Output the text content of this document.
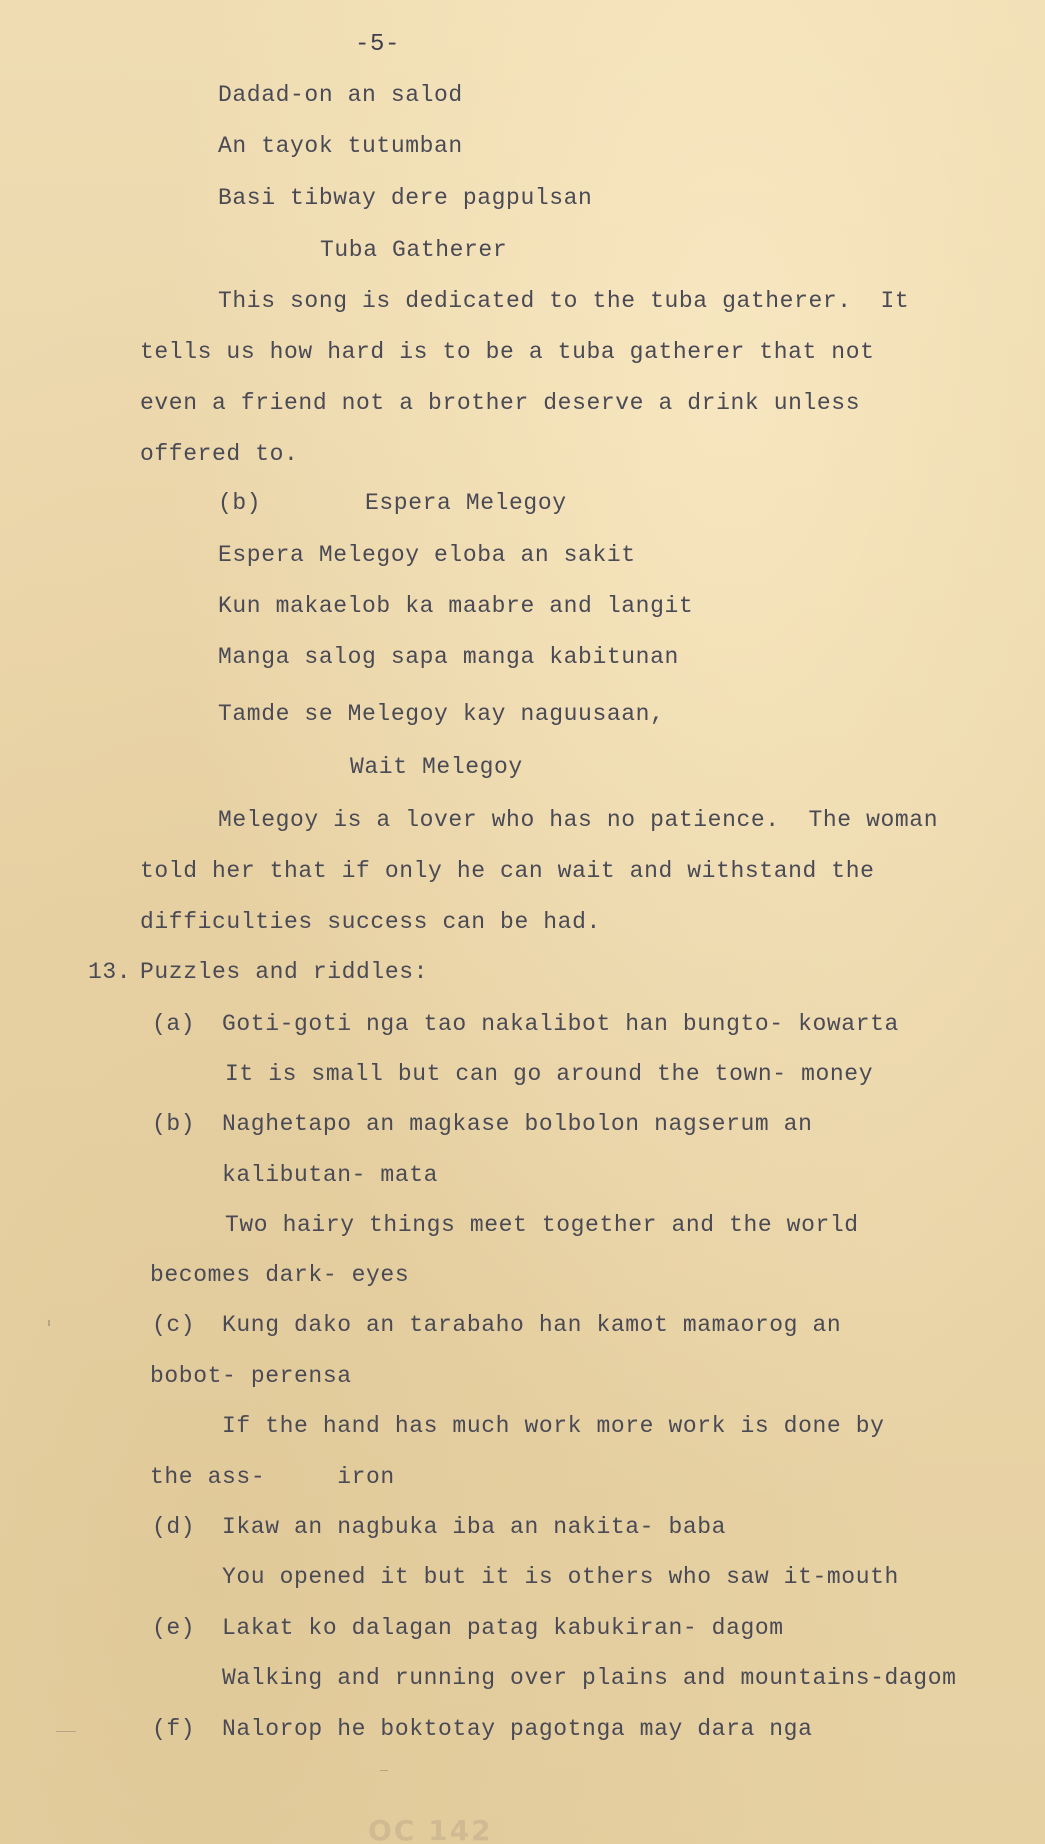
-5-
Dadad-on an salod
An tayok tutumban
Basi tibway dere pagpulsan
Tuba Gatherer
This song is dedicated to the tuba gatherer.  It
tells us how hard is to be a tuba gatherer that not
even a friend not a brother deserve a drink unless
offered to.
(b)	Espera Melegoy
Espera Melegoy eloba an sakit
Kun makaelob ka maabre and langit
Manga salog sapa manga kabitunan
Tamde se Melegoy kay naguusaan,
Wait Melegoy
Melegoy is a lover who has no patience.  The woman
told her that if only he can wait and withstand the
difficulties success can be had.
13. Puzzles and riddles:
(a) Goti-goti nga tao nakalibot han bungto- kowarta
It is small but can go around the town- money
(b) Naghetapo an magkase bolbolon nagserum an
kalibutan- mata
Two hairy things meet together and the world
becomes dark- eyes
(c) Kung dako an tarabaho han kamot mamaorog an
bobot- perensa
If the hand has much work more work is done by
the ass-     iron
(d) Ikaw an nagbuka iba an nakita- baba
You opened it but it is others who saw it-mouth
(e) Lakat ko dalagan patag kabukiran- dagom
Walking and running over plains and mountains-dagom
(f) Nalorop he boktotay pagotnga may dara nga
OC 142
